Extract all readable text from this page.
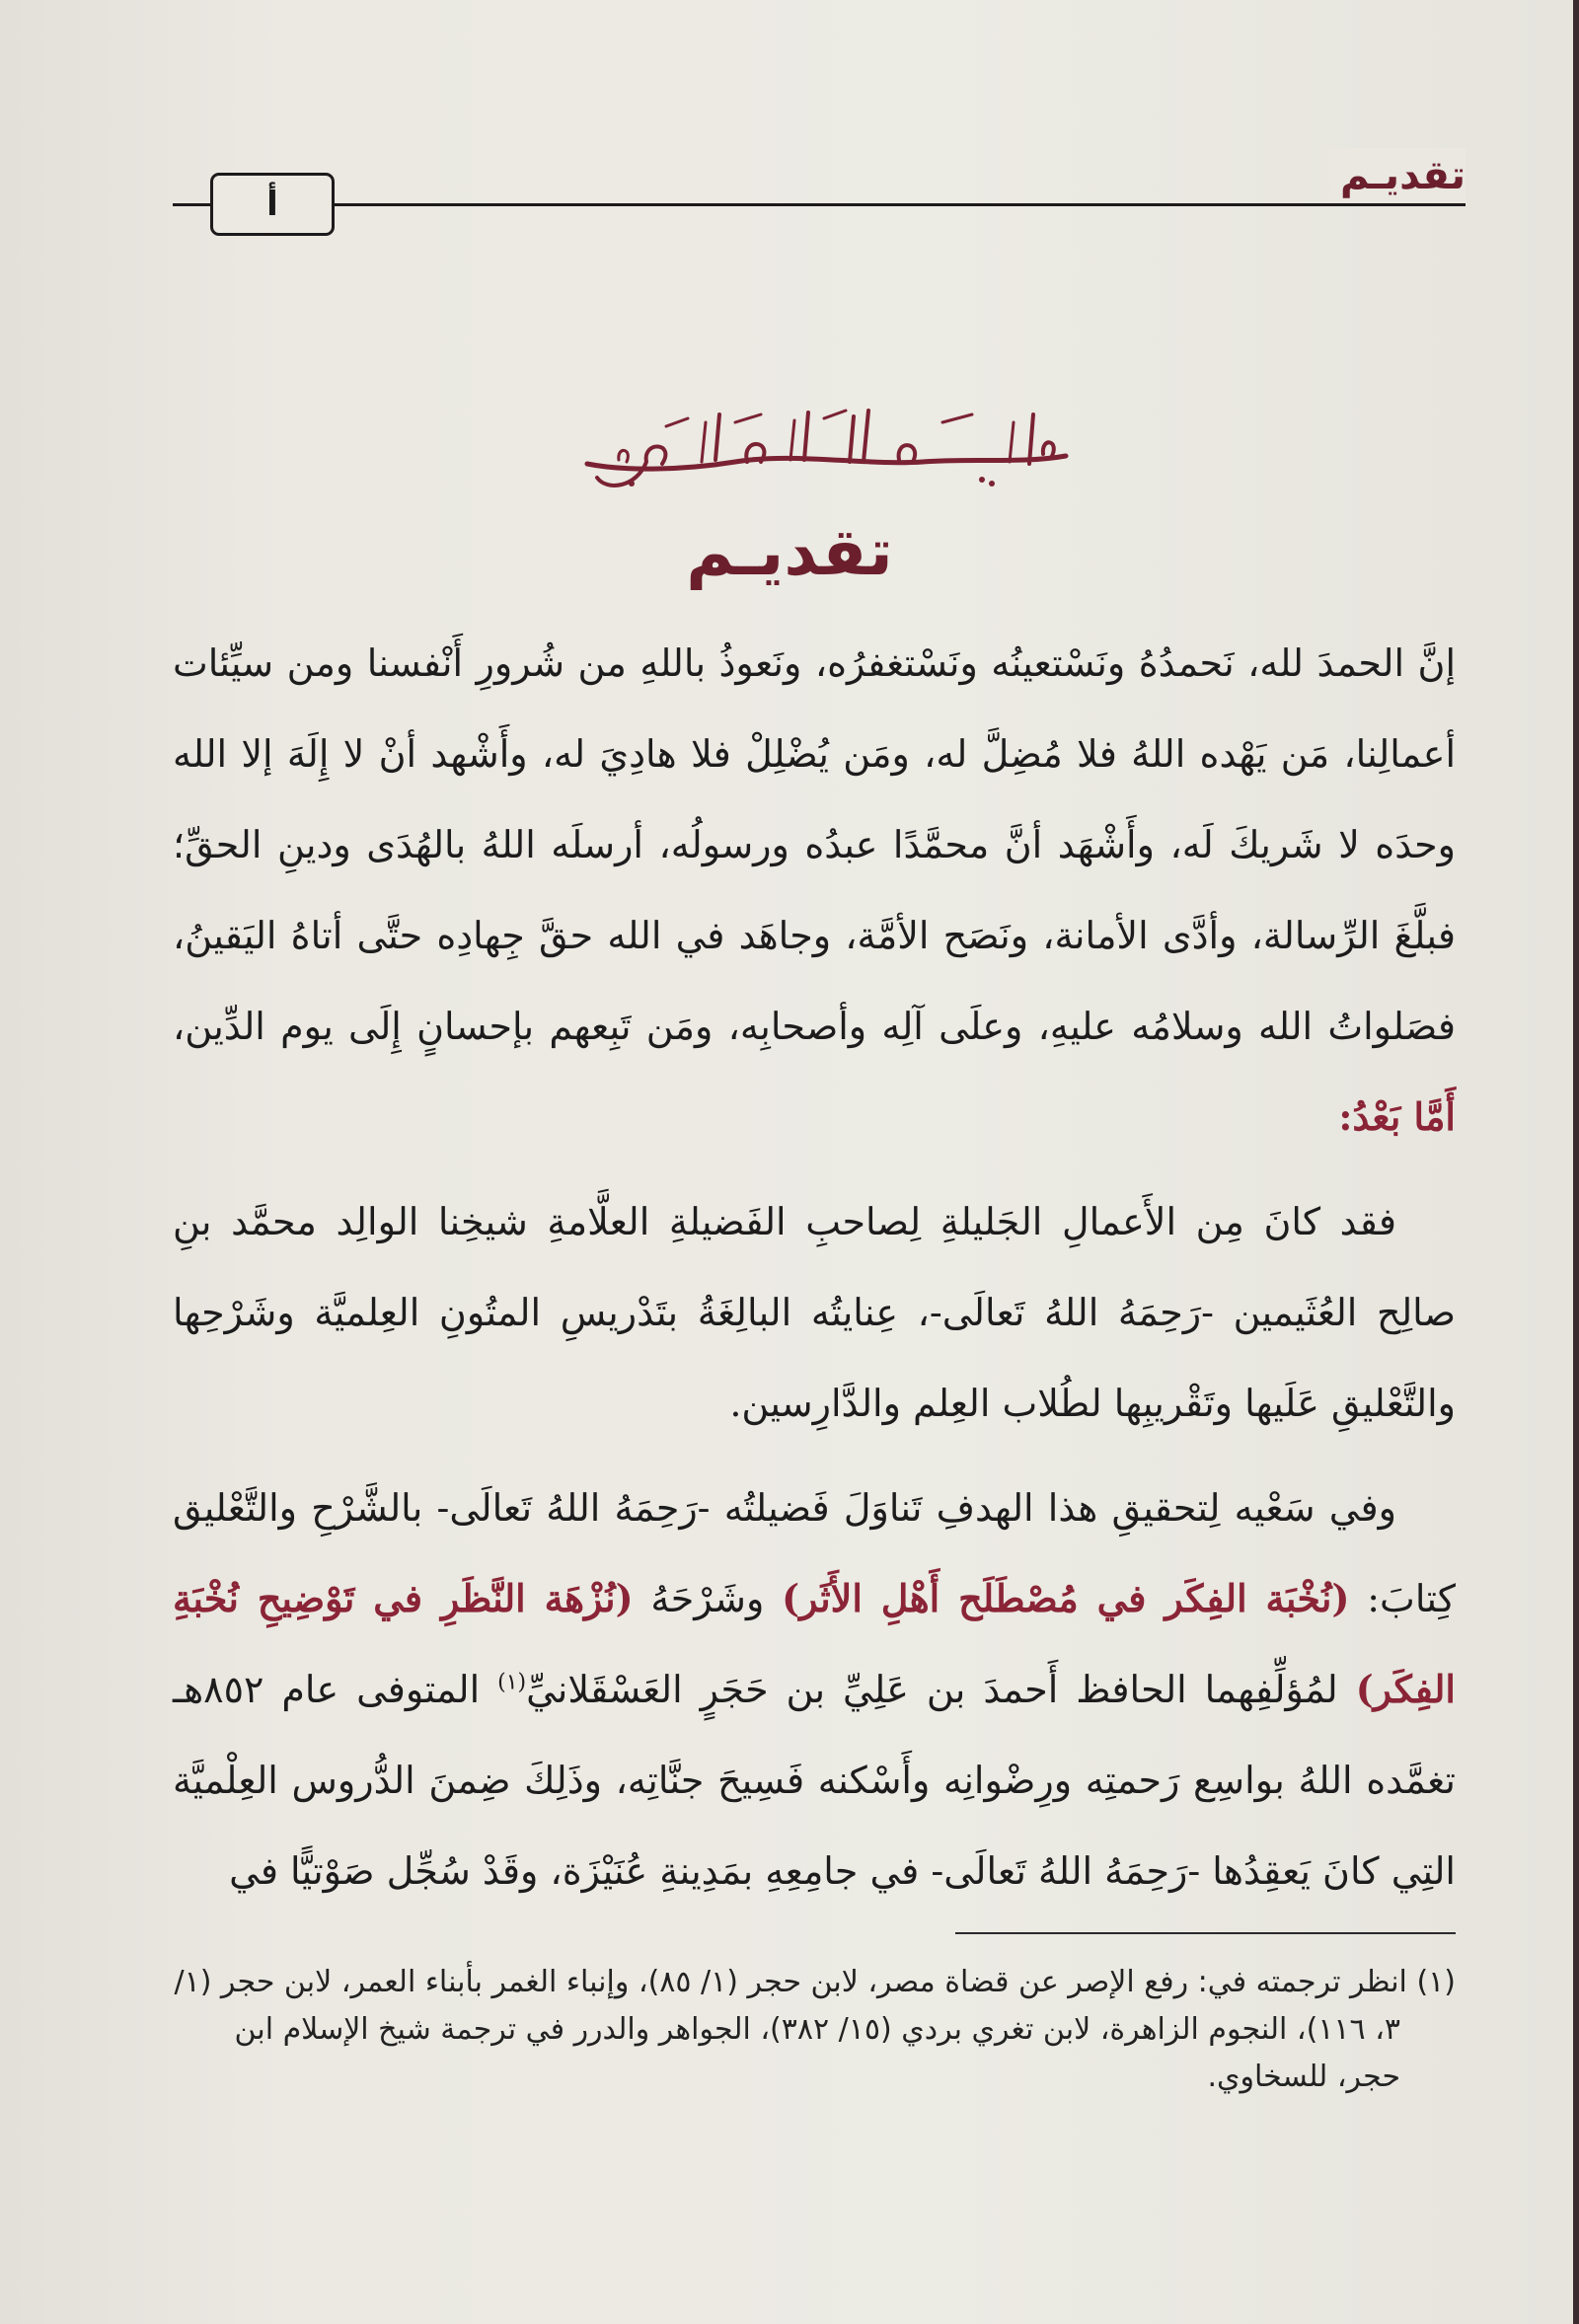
تقديـم
أ
تقديـم

إنَّ الحمدَ لله، نَحمدُهُ ونَسْتعينُه ونَسْتغفرُه، ونَعوذُ باللهِ من شُرورِ أَنْفسنا ومن سيِّئات أعمالِنا، مَن يَهْده اللهُ فلا مُضِلَّ له، ومَن يُضْلِلْ فلا هادِيَ له، وأَشْهد أنْ لا إِلَهَ إلا الله وحدَه لا شَريكَ لَه، وأَشْهَد أنَّ محمَّدًا عبدُه ورسولُه، أرسلَه اللهُ بالهُدَى ودينِ الحقِّ؛ فبلَّغَ الرِّسالة، وأدَّى الأمانة، ونَصَح الأمَّة، وجاهَد في الله حقَّ جِهادِه حتَّى أتاهُ اليَقينُ، فصَلواتُ الله وسلامُه عليهِ، وعلَى آلِه وأصحابِه، ومَن تَبِعهم بإحسانٍ إِلَى يوم الدِّين، أَمَّا بَعْدُ:

فقد كانَ مِن الأَعمالِ الجَليلةِ لِصاحبِ الفَضيلةِ العلَّامةِ شيخِنا الوالِد محمَّد بنِ صالِح العُثَيمين -رَحِمَهُ اللهُ تَعالَى-، عِنايتُه البالِغَةُ بتَدْريسِ المتُونِ العِلميَّة وشَرْحِها والتَّعْليقِ عَلَيها وتَقْريبِها لطُلاب العِلم والدَّارِسين.

وفي سَعْيه لِتحقيقِ هذا الهدفِ تَناوَلَ فَضيلتُه -رَحِمَهُ اللهُ تَعالَى- بالشَّرْحِ والتَّعْليق كِتابَ: (نُخْبَة الفِكَر في مُصْطَلَح أَهْلِ الأَثَر) وشَرْحَهُ (نُزْهَة النَّظَرِ في تَوْضِيحِ نُخْبَةِ الفِكَر) لمُؤلِّفِهما الحافظ أَحمدَ بن عَلِيِّ بن حَجَرٍ العَسْقَلانيِّ$^{(١)}$ المتوفى عام ٨٥٢هـ تغمَّده اللهُ بواسِع رَحمتِه ورِضْوانِه وأَسْكنه فَسِيحَ جنَّاتِه، وذَلِكَ ضِمنَ الدُّروس العِلْميَّة التِي كانَ يَعقِدُها -رَحِمَهُ اللهُ تَعالَى- في جامِعِهِ بمَدِينةِ عُنَيْزَة، وقَدْ سُجِّل صَوْتيًّا في

(١) انظر ترجمته في: رفع الإصر عن قضاة مصر، لابن حجر (١/ ٨٥)، وإنباء الغمر بأبناء العمر، لابن حجر (١/ ٣، ١١٦)، النجوم الزاهرة، لابن تغري بردي (١٥/ ٣٨٢)، الجواهر والدرر في ترجمة شيخ الإسلام ابن حجر، للسخاوي.
